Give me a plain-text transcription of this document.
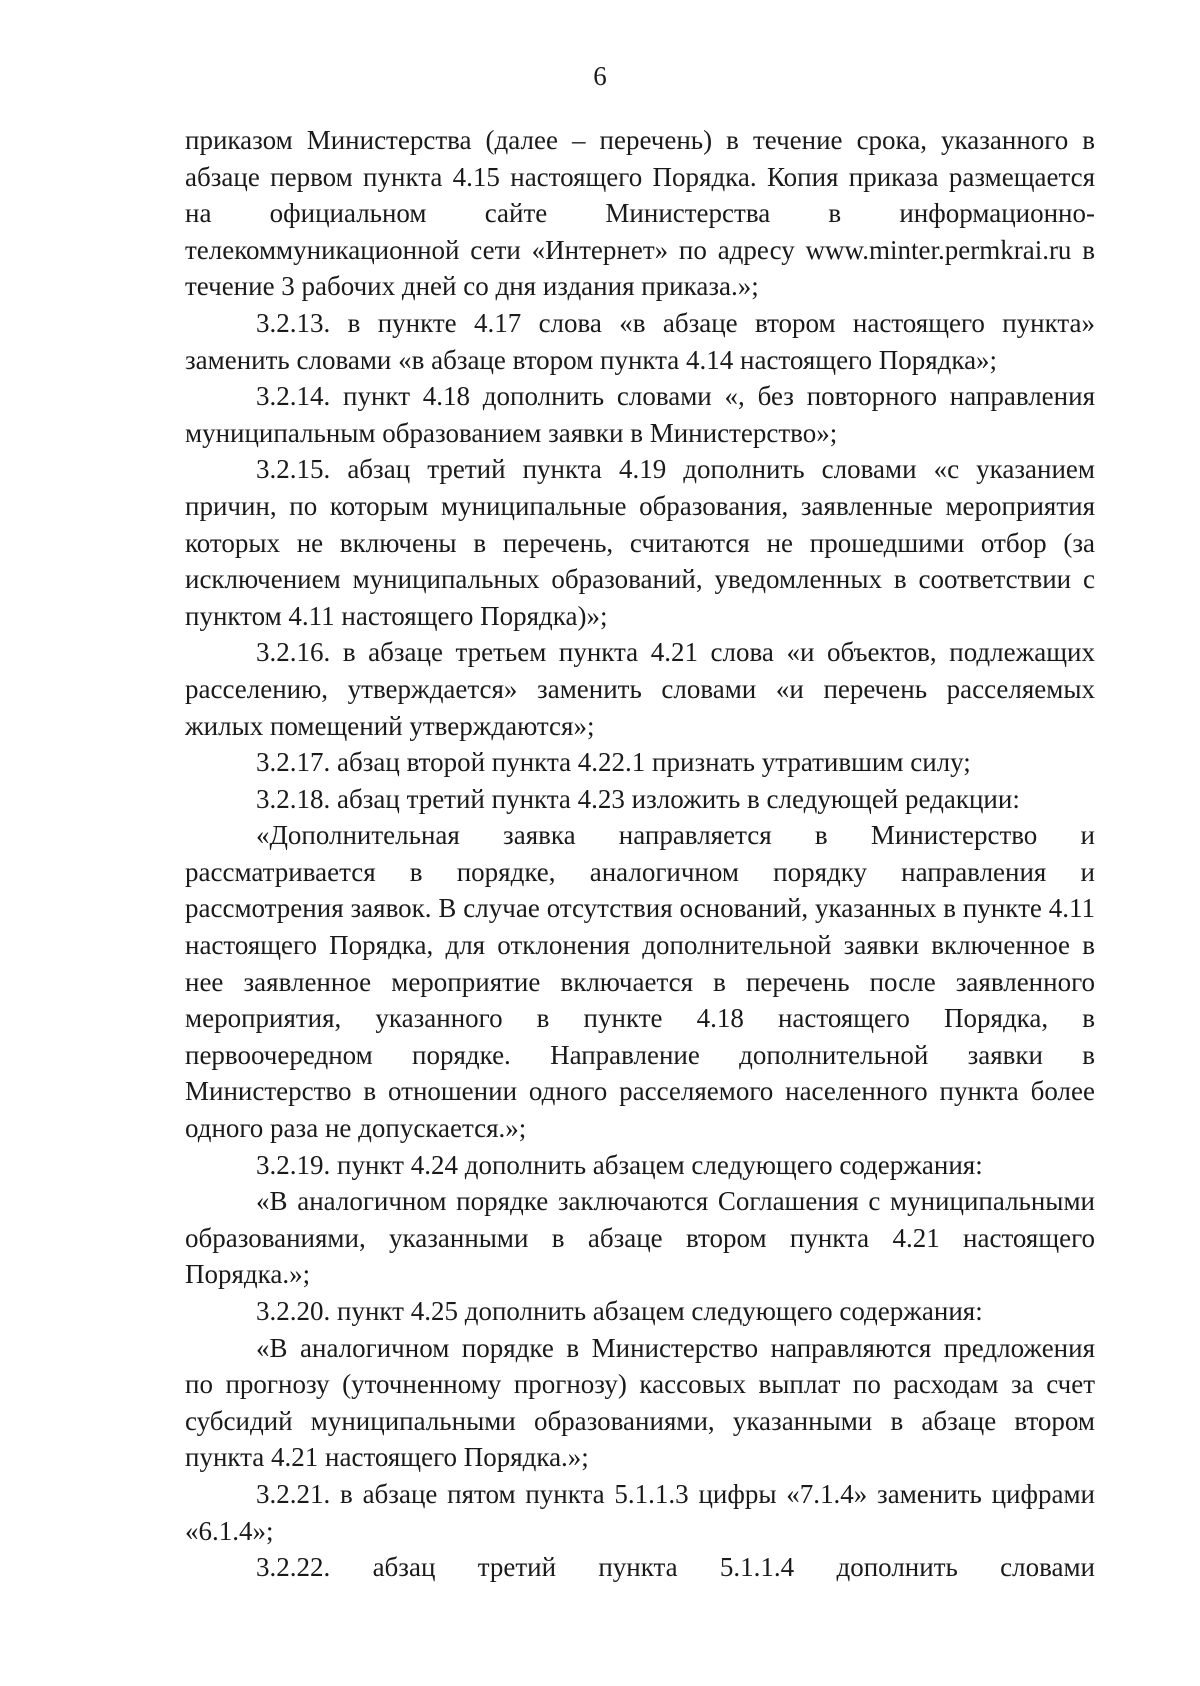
6

приказом Министерства (далее – перечень) в течение срока, указанного в абзаце первом пункта 4.15 настоящего Порядка. Копия приказа размещается на официальном сайте Министерства в информационно-телекоммуникационной сети «Интернет» по адресу www.minter.permkrai.ru в течение 3 рабочих дней со дня издания приказа.»;

3.2.13. в пункте 4.17 слова «в абзаце втором настоящего пункта» заменить словами «в абзаце втором пункта 4.14 настоящего Порядка»;

3.2.14. пункт 4.18 дополнить словами «, без повторного направления муниципальным образованием заявки в Министерство»;

3.2.15. абзац третий пункта 4.19 дополнить словами «с указанием причин, по которым муниципальные образования, заявленные мероприятия которых не включены в перечень, считаются не прошедшими отбор (за исключением муниципальных образований, уведомленных в соответствии с пунктом 4.11 настоящего Порядка)»;

3.2.16. в абзаце третьем пункта 4.21 слова «и объектов, подлежащих расселению, утверждается» заменить словами «и перечень расселяемых жилых помещений утверждаются»;

3.2.17. абзац второй пункта 4.22.1 признать утратившим силу;

3.2.18. абзац третий пункта 4.23 изложить в следующей редакции:

«Дополнительная заявка направляется в Министерство и рассматривается в порядке, аналогичном порядку направления и рассмотрения заявок. В случае отсутствия оснований, указанных в пункте 4.11 настоящего Порядка, для отклонения дополнительной заявки включенное в нее заявленное мероприятие включается в перечень после заявленного мероприятия, указанного в пункте 4.18 настоящего Порядка, в первоочередном порядке. Направление дополнительной заявки в Министерство в отношении одного расселяемого населенного пункта более одного раза не допускается.»;

3.2.19. пункт 4.24 дополнить абзацем следующего содержания:

«В аналогичном порядке заключаются Соглашения с муниципальными образованиями, указанными в абзаце втором пункта 4.21 настоящего Порядка.»;

3.2.20. пункт 4.25 дополнить абзацем следующего содержания:

«В аналогичном порядке в Министерство направляются предложения по прогнозу (уточненному прогнозу) кассовых выплат по расходам за счет субсидий муниципальными образованиями, указанными в абзаце втором пункта 4.21 настоящего Порядка.»;

3.2.21. в абзаце пятом пункта 5.1.1.3 цифры «7.1.4» заменить цифрами «6.1.4»;

3.2.22. абзац третий пункта 5.1.1.4 дополнить словами
